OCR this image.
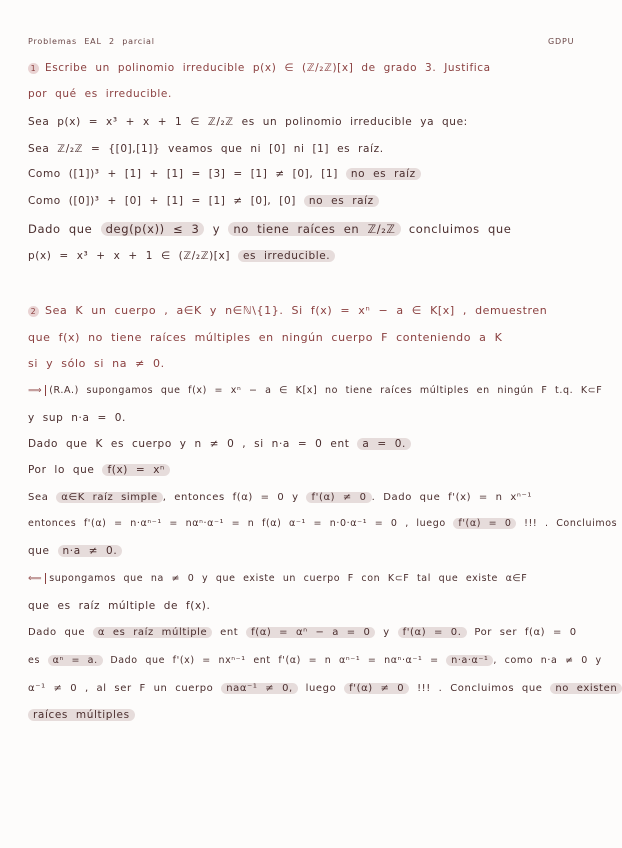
Problemas EAL 2 parcial	GDPU
1 Escribe un polinomio irreducible p(x) ∈ (ℤ/₂ℤ)[x] de grado 3. Justifica
por qué es irreducible.
Sea p(x) = x³ + x + 1 ∈ ℤ/₂ℤ es un polinomio irreducible ya que:
Sea ℤ/₂ℤ = {[0],[1]} veamos que ni [0] ni [1] es raíz.
Como ([1])³ + [1] + [1] = [3] = [1] ≠ [0], [1] no es raíz
Como ([0])³ + [0] + [1] = [1] ≠ [0], [0] no es raíz
Dado que deg(p(x)) ≤ 3 y no tiene raíces en ℤ/₂ℤ concluimos que
p(x) = x³ + x + 1 ∈ (ℤ/₂ℤ)[x] es irreducible.
2 Sea K un cuerpo , a∈K y n∈ℕ\{1}. Si f(x) = xⁿ − a ∈ K[x] , demuestren
que f(x) no tiene raíces múltiples en ningún cuerpo F conteniendo a K
si y sólo si na ≠ 0.
⟹ (R.A.) supongamos que f(x) = xⁿ − a ∈ K[x] no tiene raíces múltiples en ningún F t.q. K⊂F
y sup n·a = 0.
Dado que K es cuerpo y n ≠ 0 , si n·a = 0 ent a = 0.
Por lo que f(x) = xⁿ
Sea α∈K raíz simple , entonces f(α) = 0 y f'(α) ≠ 0 . Dado que f'(x) = n xⁿ⁻¹
entonces f'(α) = n·αⁿ⁻¹ = nαⁿ·α⁻¹ = n f(α) α⁻¹ = n·0·α⁻¹ = 0 , luego f'(α) = 0 !!! . Concluimos
que n·a ≠ 0.
⟸ supongamos que na ≠ 0 y que existe un cuerpo F con K⊂F tal que existe α∈F
que es raíz múltiple de f(x).
Dado que α es raíz múltiple ent f(α) = αⁿ − a = 0 y f'(α) = 0. Por ser f(α) = 0
es αⁿ = a. Dado que f'(x) = nxⁿ⁻¹ ent f'(α) = n αⁿ⁻¹ = nαⁿ·α⁻¹ = n·a·α⁻¹ , como n·a ≠ 0 y
α⁻¹ ≠ 0 , al ser F un cuerpo naα⁻¹ ≠ 0, luego f'(α) ≠ 0 !!! . Concluimos que no existen
raíces múltiples
